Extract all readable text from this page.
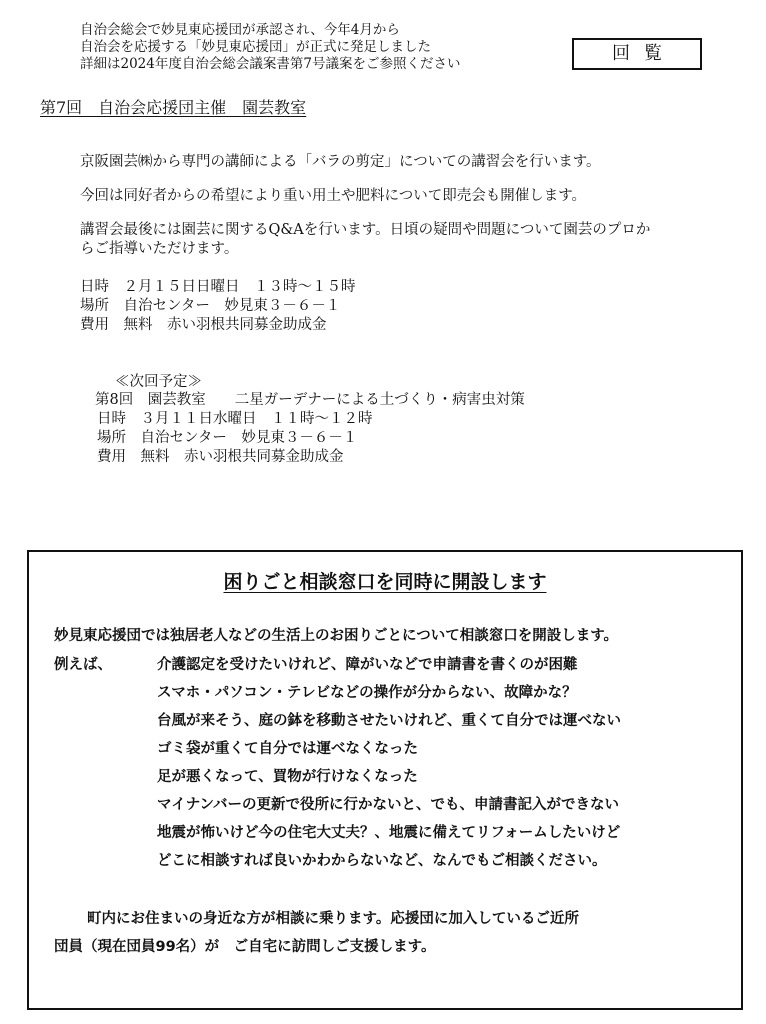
自治会総会で妙見東応援団が承認され、今年4月から
自治会を応援する「妙見東応援団」が正式に発足しました
詳細は2024年度自治会総会議案書第7号議案をご参照ください	回覧
第7回　自治会応援団主催　園芸教室
京阪園芸㈱から専門の講師による「バラの剪定」についての講習会を行います。
今回は同好者からの希望により重い用土や肥料について即売会も開催します。
講習会最後には園芸に関するQ&Aを行います。日頃の疑問や問題について園芸のプロか
らご指導いただけます。
日時　２月１５日日曜日　１３時～１５時
場所　自治センター　妙見東３－６－１
費用　無料　赤い羽根共同募金助成金
≪次回予定≫
第8回　園芸教室　　二星ガーデナーによる土づくり・病害虫対策
日時　３月１１日水曜日　１１時～１２時
場所　自治センター　妙見東３－６－１
費用　無料　赤い羽根共同募金助成金
困りごと相談窓口を同時に開設します
妙見東応援団では独居老人などの生活上のお困りごとについて相談窓口を開設します。
例えば、	介護認定を受けたいけれど、障がいなどで申請書を書くのが困難
スマホ・パソコン・テレビなどの操作が分からない、故障かな？
台風が来そう、庭の鉢を移動させたいけれど、重くて自分では運べない
ゴミ袋が重くて自分では運べなくなった
足が悪くなって、買物が行けなくなった
マイナンバーの更新で役所に行かないと、でも、申請書記入ができない
地震が怖いけど今の住宅大丈夫？、地震に備えてリフォームしたいけど
どこに相談すれば良いかわからないなど、なんでもご相談ください。
町内にお住まいの身近な方が相談に乗ります。応援団に加入しているご近所
団員（現在団員99名）が　ご自宅に訪問しご支援します。
